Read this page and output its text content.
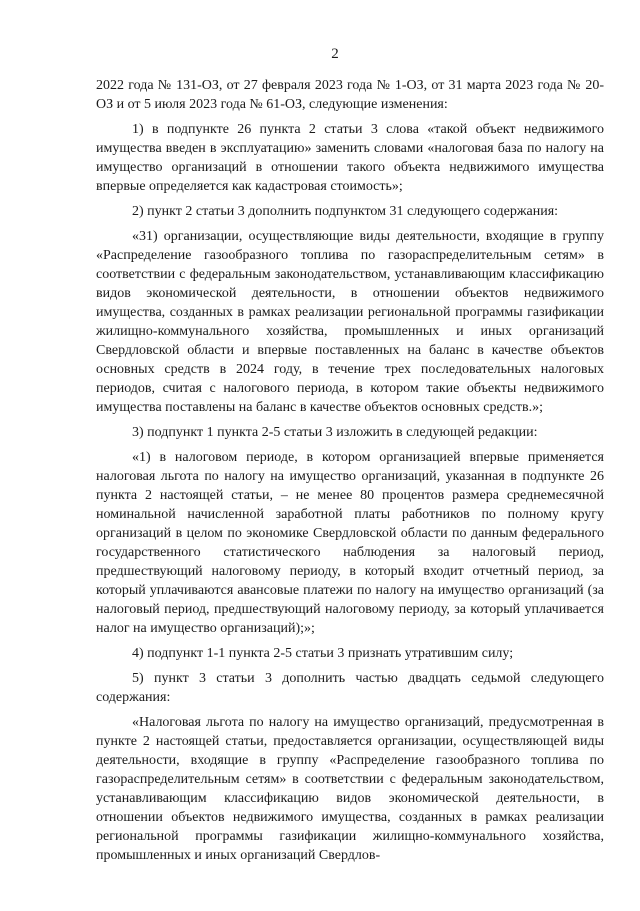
2

2022 года № 131-ОЗ, от 27 февраля 2023 года № 1-ОЗ, от 31 марта 2023 года № 20-ОЗ и от 5 июля 2023 года № 61-ОЗ, следующие изменения:

1) в подпункте 26 пункта 2 статьи 3 слова «такой объект недвижимого имущества введен в эксплуатацию» заменить словами «налоговая база по налогу на имущество организаций в отношении такого объекта недвижимого имущества впервые определяется как кадастровая стоимость»;

2) пункт 2 статьи 3 дополнить подпунктом 31 следующего содержания:

«31) организации, осуществляющие виды деятельности, входящие в группу «Распределение газообразного топлива по газораспределительным сетям» в соответствии с федеральным законодательством, устанавливающим классификацию видов экономической деятельности, в отношении объектов недвижимого имущества, созданных в рамках реализации региональной программы газификации жилищно-коммунального хозяйства, промышленных и иных организаций Свердловской области и впервые поставленных на баланс в качестве объектов основных средств в 2024 году, в течение трех последовательных налоговых периодов, считая с налогового периода, в котором такие объекты недвижимого имущества поставлены на баланс в качестве объектов основных средств.»;

3) подпункт 1 пункта 2-5 статьи 3 изложить в следующей редакции:

«1) в налоговом периоде, в котором организацией впервые применяется налоговая льгота по налогу на имущество организаций, указанная в подпункте 26 пункта 2 настоящей статьи, – не менее 80 процентов размера среднемесячной номинальной начисленной заработной платы работников по полному кругу организаций в целом по экономике Свердловской области по данным федерального государственного статистического наблюдения за налоговый период, предшествующий налоговому периоду, в который входит отчетный период, за который уплачиваются авансовые платежи по налогу на имущество организаций (за налоговый период, предшествующий налоговому периоду, за который уплачивается налог на имущество организаций);»;

4) подпункт 1-1 пункта 2-5 статьи 3 признать утратившим силу;

5) пункт 3 статьи 3 дополнить частью двадцать седьмой следующего содержания:

«Налоговая льгота по налогу на имущество организаций, предусмотренная в пункте 2 настоящей статьи, предоставляется организации, осуществляющей виды деятельности, входящие в группу «Распределение газообразного топлива по газораспределительным сетям» в соответствии с федеральным законодательством, устанавливающим классификацию видов экономической деятельности, в отношении объектов недвижимого имущества, созданных в рамках реализации региональной программы газификации жилищно-коммунального хозяйства, промышленных и иных организаций Свердлов-
